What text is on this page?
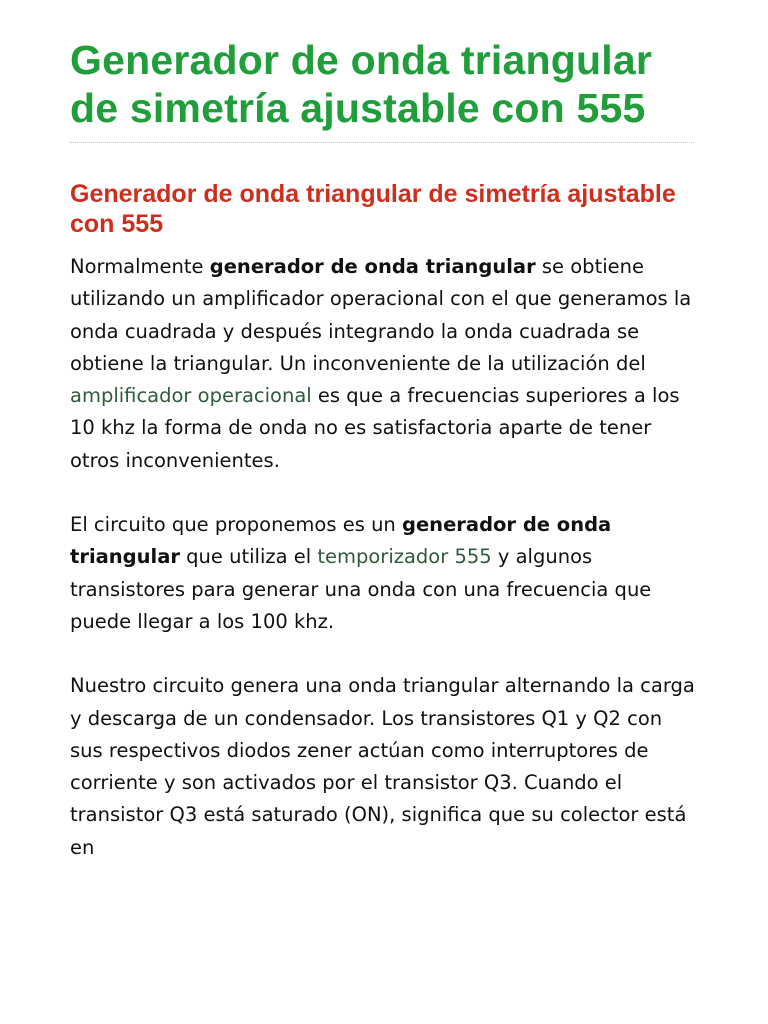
Generador de onda triangular de simetría ajustable con 555
Generador de onda triangular de simetría ajustable con 555

Normalmente generador de onda triangular se obtiene utilizando un amplificador operacional con el que generamos la onda cuadrada y después integrando la onda cuadrada se obtiene la triangular. Un inconveniente de la utilización del amplificador operacional es que a frecuencias superiores a los 10 khz la forma de onda no es satisfactoria aparte de tener otros inconvenientes.

El circuito que proponemos es un generador de onda triangular que utiliza el temporizador 555 y algunos transistores para generar una onda con una frecuencia que puede llegar a los 100 khz.

Nuestro circuito genera una onda triangular alternando la carga y descarga de un condensador. Los transistores Q1 y Q2 con sus respectivos diodos zener actúan como interruptores de corriente y son activados por el transistor Q3. Cuando el transistor Q3 está saturado (ON), significa que su colector está en
